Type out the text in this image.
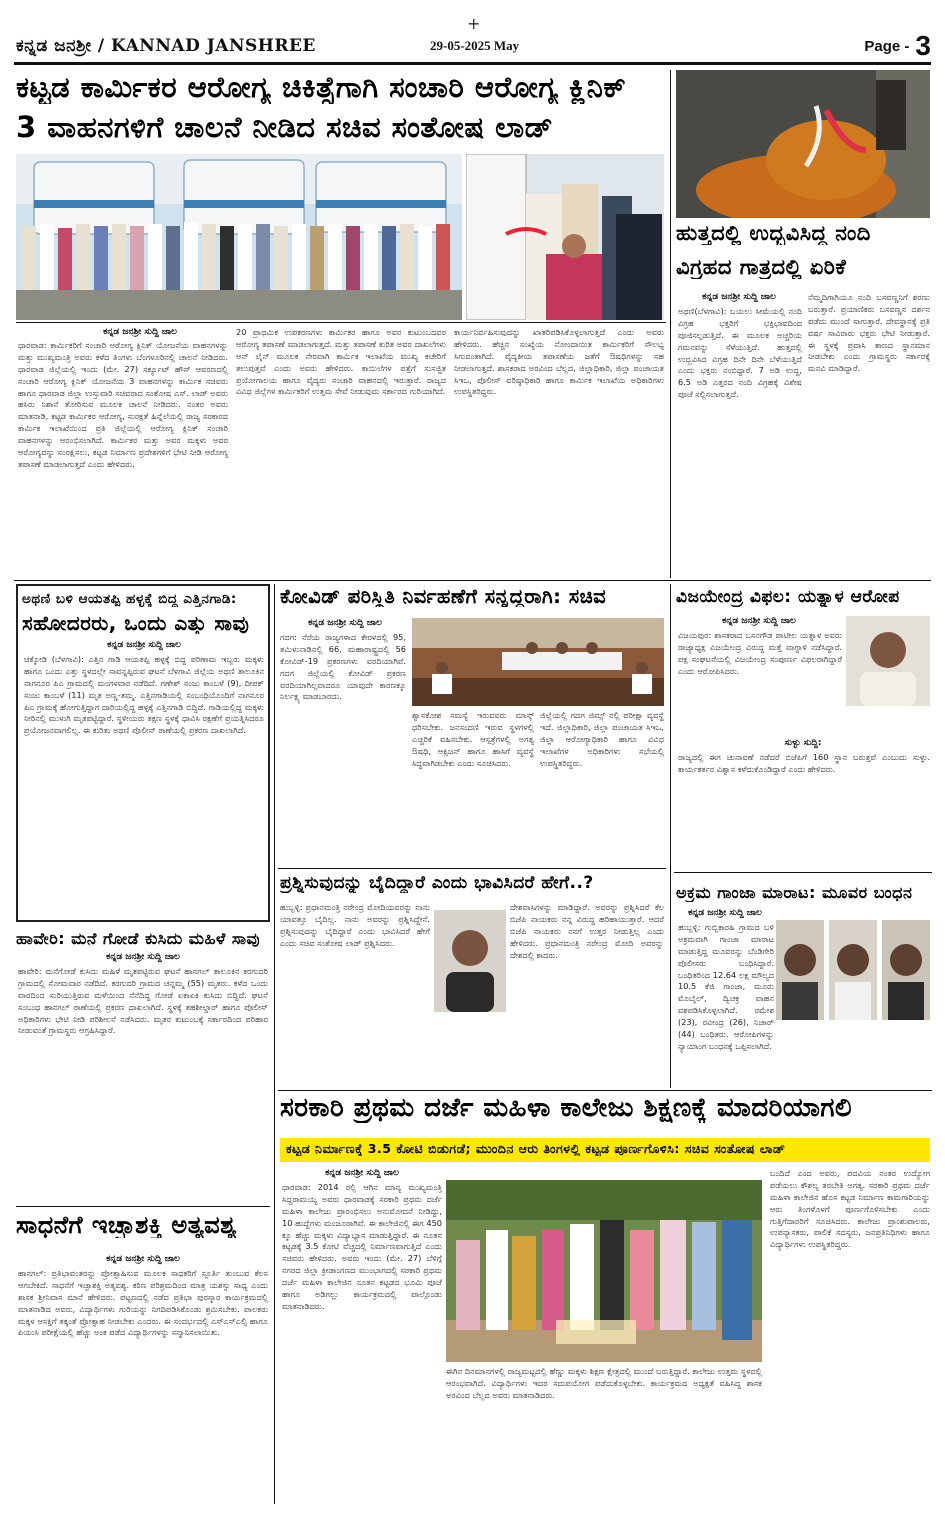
+
ಕನ್ನಡ ಜನಶ್ರೀ / KANNAD JANSHREE	29-05-2025 May	Page - 3
ಕಟ್ಟಡ ಕಾರ್ಮಿಕರ ಆರೋಗ್ಯ ಚಿಕಿತ್ಸೆಗಾಗಿ ಸಂಚಾರಿ ಆರೋಗ್ಯ ಕ್ಲಿನಿಕ್
3 ವಾಹನಗಳಿಗೆ ಚಾಲನೆ ನೀಡಿದ ಸಚಿವ ಸಂತೋಷ ಲಾಡ್
ಕನ್ನಡ ಜನಶ್ರೀ ಸುದ್ದಿ ಜಾಲ
ಧಾರವಾಡ: ಕಾರ್ಮಿಕರಿಗೆ ಸಂಚಾರಿ ಆರೋಗ್ಯ ಕ್ಲಿನಿಕ್ ಯೋಜನೆಯ ವಾಹನಗಳನ್ನು ಮತ್ತು ಮುಖ್ಯಮಂತ್ರಿ ಅವರು ಕಳೆದ ತಿಂಗಳು ಬೆಂಗಳೂರಿನಲ್ಲಿ ಚಾಲನೆ ನೀಡಿದರು. ಧಾರವಾಡ ಜಿಲ್ಲೆಯಲ್ಲಿ ಇಂದು (ಮೇ. 27) ಸರ್ಕ್ಯೂಟ್ ಹೌಸ್ ಆವರಣದಲ್ಲಿ ಸಂಚಾರಿ ಆರೋಗ್ಯ ಕ್ಲಿನಿಕ್ ಯೋಜನೆಯ 3 ವಾಹನಗಳನ್ನು ಕಾರ್ಮಿಕ ಸಚಿವರು ಹಾಗೂ ಧಾರವಾಡ ಜಿಲ್ಲಾ ಉಸ್ತುವಾರಿ ಸಚಿವರಾದ ಸಂತೋಷ ಎಸ್. ಲಾಡ್ ಅವರು ಹಸಿರು ನಿಶಾನೆ ತೋರಿಸುವ ಮೂಲಕ ಚಾಲನೆ ನೀಡಿದರು. ನಂತರ ಅವರು ಮಾತನಾಡಿ, ಕಟ್ಟಡ ಕಾರ್ಮಿಕರ ಆರೋಗ್ಯ, ಸುರಕ್ಷತೆ ಹಿನ್ನೆಲೆಯಲ್ಲಿ ರಾಜ್ಯ ಸರಕಾರದ ಕಾರ್ಮಿಕ ಇಲಾಖೆಯಿಂದ ಪ್ರತಿ ಜಿಲ್ಲೆಯಲ್ಲಿ ಆರೋಗ್ಯ ಕ್ಲಿನಿಕ್ ಸಂಚಾರಿ ವಾಹನಗಳನ್ನು ಆರಂಭಿಸಲಾಗಿದೆ. ಕಾರ್ಮಿಕರ ಮತ್ತು ಅವರ ಮಕ್ಕಳು ಅವರ ಆರೋಗ್ಯವನ್ನು ಸಂರಕ್ಷಿಸಲು, ಕಟ್ಟಡ ನಿರ್ಮಾಣ ಪ್ರದೇಶಗಳಿಗೆ ಭೇಟಿ ನೀಡಿ ಆರೋಗ್ಯ ತಪಾಸಣೆ ಮಾಡಲಾಗುತ್ತದೆ ಎಂದು ಹೇಳಿದರು.
20 ಪ್ರಾಥಮಿಕ ಉಪಕರಣಗಳು ಕಾರ್ಮಿಕರ ಹಾಗೂ ಅವರ ಕುಟುಂಬದವರ ಆರೋಗ್ಯ ತಪಾಸಣೆ ಮಾಡಲಾಗುತ್ತದೆ. ಮತ್ತು ತಪಾಸಣೆ ಕುರಿತ ಅವರ ದಾಖಲೆಗಳು ಆನ್ ಲೈನ್ ಮೂಲಕ ನೇರವಾಗಿ ಕಾರ್ಮಿಕ ಇಲಾಖೆಯ ಮುಖ್ಯ ಕಚೇರಿಗೆ ತಲುಪುತ್ತವೆ ಎಂದು ಅವರು ಹೇಳಿದರು. ಕಾಯಿಲೆಗಳ ಪತ್ತೆಗೆ ಸುಸಜ್ಜಿತ ಪ್ರಯೋಗಾಲಯ ಹಾಗೂ ವೈದ್ಯರು ಸಂಚಾರಿ ವಾಹನದಲ್ಲಿ ಇರುತ್ತಾರೆ. ರಾಜ್ಯದ ವಿವಿಧ ಜಿಲ್ಲೆಗಳ ಕಾರ್ಮಿಕರಿಗೆ ಉತ್ತಮ ಸೇವೆ ನೀಡುವುದು ಸರ್ಕಾರದ ಗುರಿಯಾಗಿದೆ.
ಕಾರ್ಯನಿರ್ವಹಿಸುವುದನ್ನು ಖಾತರಿಪಡಿಸಿಕೊಳ್ಳಲಾಗುತ್ತದೆ ಎಂದು ಅವರು ಹೇಳಿದರು. ಹೆಚ್ಚಿನ ಸಂಖ್ಯೆಯ ನೋಂದಾಯಿತ ಕಾರ್ಮಿಕರಿಗೆ ಸೌಲಭ್ಯ ಸಿಗುವಂತಾಗಿದೆ. ವೈದ್ಯಕೀಯ ತಪಾಸಣೆಯ ಜತೆಗೆ ಔಷಧಿಗಳನ್ನು ಸಹ ನೀಡಲಾಗುತ್ತದೆ. ಶಾಸಕರಾದ ಅರವಿಂದ ಬೆಲ್ಲದ, ಜಿಲ್ಲಾಧಿಕಾರಿ, ಜಿಲ್ಲಾ ಪಂಚಾಯತ ಸಿಇಒ, ಪೊಲೀಸ್ ವರಿಷ್ಠಾಧಿಕಾರಿ ಹಾಗೂ ಕಾರ್ಮಿಕ ಇಲಾಖೆಯ ಅಧಿಕಾರಿಗಳು ಉಪಸ್ಥಿತರಿದ್ದರು.
ಹುತ್ತದಲ್ಲಿ ಉದ್ಭವಿಸಿದ್ದ ನಂದಿ
ವಿಗ್ರಹದ ಗಾತ್ರದಲ್ಲಿ ಏರಿಕೆ
ಕನ್ನಡ ಜನಶ್ರೀ ಸುದ್ದಿ ಜಾಲ
ಅಥಣಿ(ಬೆಳಗಾವಿ): ಬಯಲು ಸೀಮೆಯಲ್ಲಿ ನಂದಿ ವಿಗ್ರಹ ಭಕ್ತರಿಗೆ ಭಕ್ತಿಭಾವದಿಂದ ಪೂಜಿಸಲ್ಪಡುತ್ತಿದೆ. ಈ ಮೂಲಕ ಅಚ್ಚರಿಯ ಗಮನವನ್ನು ಸೆಳೆಯುತ್ತಿದೆ. ಹುತ್ತದಲ್ಲಿ ಉದ್ಭವಿಸಿದ ವಿಗ್ರಹ ದಿನೇ ದಿನೇ ಬೆಳೆಯುತ್ತಿದೆ ಎಂದು ಭಕ್ತರು ನಂಬಿದ್ದಾರೆ. 7 ಅಡಿ ಉದ್ದ, 6.5 ಅಡಿ ಎತ್ತರದ ನಂದಿ ವಿಗ್ರಹಕ್ಕೆ ವಿಶೇಷ ಪೂಜೆ ಸಲ್ಲಿಸಲಾಗುತ್ತದೆ.
ನೆಮ್ಮದಿಗಾಗಿಯೂ ನಂದಿ ಬಸವಣ್ಣನಿಗೆ ಶರಣು ಬರುತ್ತಾರೆ. ಪ್ರಯಾಣಿಕರು ಬಸವಣ್ಣನ ದರ್ಶನ ಪಡೆದು ಮುಂದೆ ಸಾಗುತ್ತಾರೆ. ದೇವಸ್ಥಾನಕ್ಕೆ ಪ್ರತಿ ವರ್ಷ ಸಾವಿರಾರು ಭಕ್ತರು ಭೇಟಿ ನೀಡುತ್ತಾರೆ. ಈ ಸ್ಥಳಕ್ಕೆ ಪ್ರವಾಸಿ ತಾಣದ ಸ್ಥಾನಮಾನ ನೀಡಬೇಕು ಎಂದು ಗ್ರಾಮಸ್ಥರು ಸರ್ಕಾರಕ್ಕೆ ಮನವಿ ಮಾಡಿದ್ದಾರೆ.
ಅಥಣಿ ಬಳಿ ಆಯತಪ್ಪಿ ಹಳ್ಳಕ್ಕೆ ಬಿದ್ದ ಎತ್ತಿನಗಾಡಿ:
ಸಹೋದರರು, ಒಂದು ಎತ್ತು ಸಾವು
ಕನ್ನಡ ಜನಶ್ರೀ ಸುದ್ದಿ ಜಾಲ
ಚಿಕ್ಕೋಡಿ (ಬೆಳಗಾವಿ): ಎತ್ತಿನ ಗಾಡಿ ಆಯತಪ್ಪಿ ಹಳ್ಳಕ್ಕೆ ಬಿದ್ದ ಪರಿಣಾಮ ಇಬ್ಬರು ಮಕ್ಕಳು ಹಾಗೂ ಒಂದು ಎತ್ತು ಸ್ಥಳದಲ್ಲೇ ಸಾವನ್ನಪ್ಪಿರುವ ಘಟನೆ ಬೆಳಗಾವಿ ಜಿಲ್ಲೆಯ ಅಥಣಿ ತಾಲೂಕಿನ ನಾಗನೂರ ಪಿಎ ಗ್ರಾಮದಲ್ಲಿ ಮಂಗಳವಾರ ನಡೆದಿದೆ. ಗಣೇಶ್ ಸಂಜು ಕಾಂಬಳೆ (9), ದೀಪಕ್ ಸಂಜು ಕಾಂಬಳೆ (11) ಮೃತ ಅಣ್ಣ-ತಮ್ಮ. ಎತ್ತಿನಗಾಡಿಯಲ್ಲಿ ಸಂಬಂಧಿಯೊಂದಿಗೆ ನಾಗನೂರ ಪಿಎ ಗ್ರಾಮಕ್ಕೆ ಹೋಗುತ್ತಿದ್ದಾಗ ದಾರಿಯಲ್ಲಿದ್ದ ಹಳ್ಳಕ್ಕೆ ಎತ್ತಿನಗಾಡಿ ಬಿದ್ದಿದೆ. ಗಾಡಿಯಲ್ಲಿದ್ದ ಮಕ್ಕಳು ನೀರಿನಲ್ಲಿ ಮುಳುಗಿ ಮೃತಪಟ್ಟಿದ್ದಾರೆ. ಸ್ಥಳೀಯರು ತಕ್ಷಣ ಸ್ಥಳಕ್ಕೆ ಧಾವಿಸಿ ರಕ್ಷಣೆಗೆ ಪ್ರಯತ್ನಿಸಿದರೂ ಪ್ರಯೋಜನವಾಗಲಿಲ್ಲ. ಈ ಕುರಿತು ಅಥಣಿ ಪೊಲೀಸ್ ಠಾಣೆಯಲ್ಲಿ ಪ್ರಕರಣ ದಾಖಲಾಗಿದೆ.
ಹಾವೇರಿ: ಮನೆ ಗೋಡೆ ಕುಸಿದು ಮಹಿಳೆ ಸಾವು
ಕನ್ನಡ ಜನಶ್ರೀ ಸುದ್ದಿ ಜಾಲ
ಹಾವೇರಿ: ಮನೆಗೋಡೆ ಕುಸಿದು ಮಹಿಳೆ ಮೃತಪಟ್ಟಿರುವ ಘಟನೆ ಹಾನಗಲ್ ತಾಲೂಕಿನ ಕರಗುದರಿ ಗ್ರಾಮದಲ್ಲಿ ಸೋಮವಾರ ನಡೆದಿದೆ. ಕರಗುದರಿ ಗ್ರಾಮದ ಚನ್ನಮ್ಮ (55) ಮೃತರು. ಕಳೆದ ಒಂದು ವಾರದಿಂದ ಸುರಿಯುತ್ತಿರುವ ಮಳೆಯಿಂದ ನೆನೆದಿದ್ದ ಗೋಡೆ ಏಕಾಏಕಿ ಕುಸಿದು ಬಿದ್ದಿದೆ. ಘಟನೆ ಸಂಬಂಧ ಹಾನಗಲ್ ಠಾಣೆಯಲ್ಲಿ ಪ್ರಕರಣ ದಾಖಲಾಗಿದೆ. ಸ್ಥಳಕ್ಕೆ ತಹಶೀಲ್ದಾರ್ ಹಾಗೂ ಪೊಲೀಸ್ ಅಧಿಕಾರಿಗಳು ಭೇಟಿ ನೀಡಿ ಪರಿಶೀಲನೆ ನಡೆಸಿದರು. ಮೃತರ ಕುಟುಂಬಕ್ಕೆ ಸರ್ಕಾರದಿಂದ ಪರಿಹಾರ ನೀಡುವಂತೆ ಗ್ರಾಮಸ್ಥರು ಆಗ್ರಹಿಸಿದ್ದಾರೆ.
ಸಾಧನೆಗೆ ಇಚ್ಛಾಶಕ್ತಿ ಅತ್ಯವಶ್ಯ
ಕನ್ನಡ ಜನಶ್ರೀ ಸುದ್ದಿ ಜಾಲ
ಹಾನಗಲ್: ಪ್ರತಿಭಾವಂತರನ್ನು ಪ್ರೋತ್ಸಾಹಿಸುವ ಮೂಲಕ ಸಾಧಕರಿಗೆ ಸ್ಪೂರ್ತಿ ತುಂಬುವ ಕೆಲಸ ಆಗಬೇಕಿದೆ. ಸಾಧನೆಗೆ ಇಚ್ಛಾಶಕ್ತಿ ಅತ್ಯವಶ್ಯ. ಕಠಿಣ ಪರಿಶ್ರಮದಿಂದ ಮಾತ್ರ ಯಶಸ್ಸು ಸಾಧ್ಯ ಎಂದು ಶಾಸಕ ಶ್ರೀನಿವಾಸ ಮಾನೆ ಹೇಳಿದರು. ಪಟ್ಟಣದಲ್ಲಿ ನಡೆದ ಪ್ರತಿಭಾ ಪುರಸ್ಕಾರ ಕಾರ್ಯಕ್ರಮದಲ್ಲಿ ಮಾತನಾಡಿದ ಅವರು, ವಿದ್ಯಾರ್ಥಿಗಳು ಗುರಿಯನ್ನು ನಿಗದಿಪಡಿಸಿಕೊಂಡು ಶ್ರಮಿಸಬೇಕು. ಪಾಲಕರು ಮಕ್ಕಳ ಆಸಕ್ತಿಗೆ ತಕ್ಕಂತೆ ಪ್ರೋತ್ಸಾಹ ನೀಡಬೇಕು ಎಂದರು. ಈ ಸಂದರ್ಭದಲ್ಲಿ ಎಸ್ಎಸ್ಎಲ್ಸಿ ಹಾಗೂ ಪಿಯುಸಿ ಪರೀಕ್ಷೆಯಲ್ಲಿ ಹೆಚ್ಚು ಅಂಕ ಪಡೆದ ವಿದ್ಯಾರ್ಥಿಗಳನ್ನು ಸನ್ಮಾನಿಸಲಾಯಿತು.
ಕೋವಿಡ್ ಪರಿಸ್ಥಿತಿ ನಿರ್ವಹಣೆಗೆ ಸನ್ನದ್ಧರಾಗಿ: ಸಚಿವ
ಕನ್ನಡ ಜನಶ್ರೀ ಸುದ್ದಿ ಜಾಲ
ಗದಗ: ನೆರೆಯ ರಾಜ್ಯಗಳಾದ ಕೇರಳದಲ್ಲಿ 95, ತಮಿಳುನಾಡಿನಲ್ಲಿ 66, ಮಹಾರಾಷ್ಟ್ರದಲ್ಲಿ 56 ಕೋವಿಡ್-19 ಪ್ರಕರಣಗಳು ವರದಿಯಾಗಿವೆ. ಗದಗ ಜಿಲ್ಲೆಯಲ್ಲಿ ಕೋವಿಡ್ ಪ್ರಕರಣ ವರದಿಯಾಗಿಲ್ಲವಾದರೂ ಯಾವುದೇ ಕಾರಣಕ್ಕೂ ನಿರ್ಲಕ್ಷ್ಯ ಮಾಡಬಾರದು.
ಶ್ವಾಸಕೋಶ ಸಮಸ್ಯೆ ಇರುವವರು ಮಾಸ್ಕ್ ಧರಿಸಬೇಕು. ಜನಸಂದಣಿ ಇರುವ ಸ್ಥಳಗಳಲ್ಲಿ ಎಚ್ಚರಿಕೆ ವಹಿಸಬೇಕು. ಆಸ್ಪತ್ರೆಗಳಲ್ಲಿ ಅಗತ್ಯ ಔಷಧಿ, ಆಕ್ಸಿಜನ್ ಹಾಗೂ ಹಾಸಿಗೆ ವ್ಯವಸ್ಥೆ ಸಿದ್ಧವಾಗಿಡಬೇಕು ಎಂದು ಸೂಚಿಸಿದರು.
ಜಿಲ್ಲೆಯಲ್ಲಿ ಗದಗ ಜಿಮ್ಸ್ ನಲ್ಲಿ ಪರೀಕ್ಷಾ ವ್ಯವಸ್ಥೆ ಇದೆ. ಜಿಲ್ಲಾಧಿಕಾರಿ, ಜಿಲ್ಲಾ ಪಂಚಾಯತ ಸಿಇಒ, ಜಿಲ್ಲಾ ಆರೋಗ್ಯಾಧಿಕಾರಿ ಹಾಗೂ ವಿವಿಧ ಇಲಾಖೆಗಳ ಅಧಿಕಾರಿಗಳು ಸಭೆಯಲ್ಲಿ ಉಪಸ್ಥಿತರಿದ್ದರು.
ಪ್ರಶ್ನಿಸುವುದನ್ನು ಬೈದಿದ್ದಾರೆ ಎಂದು ಭಾವಿಸಿದರೆ ಹೇಗೆ..?
ಹುಬ್ಬಳ್ಳಿ: ಪ್ರಧಾನಮಂತ್ರಿ ನರೇಂದ್ರ ಮೋದಿಯವರನ್ನು ನಾನು ಯಾವತ್ತೂ ಬೈದಿಲ್ಲ. ನಾನು ಅವರನ್ನು ಪ್ರಶ್ನಿಸಿದ್ದೇನೆ. ಪ್ರಶ್ನಿಸುವುದನ್ನು ಬೈದಿದ್ದಾರೆ ಎಂದು ಭಾವಿಸಿದರೆ ಹೇಗೆ ಎಂದು ಸಚಿವ ಸಂತೋಷ ಲಾಡ್ ಪ್ರಶ್ನಿಸಿದರು.
ದೇಶವಾಸಿಗಳನ್ನು ಮಾಡಿದ್ದಾರೆ. ಅವರನ್ನು ಪ್ರಶ್ನಿಸಿದರೆ ಕೆಲ ಬಿಜೆಪಿ ನಾಯಕರು ನನ್ನ ವಿರುದ್ಧ ಹರಿಹಾಯುತ್ತಾರೆ. ಆದರೆ ಬಿಜೆಪಿ ನಾಯಕರು ನನಗೆ ಉತ್ತರ ನೀಡುತ್ತಿಲ್ಲ ಎಂದು ಹೇಳಿದರು. ಪ್ರಧಾನಮಂತ್ರಿ ನರೇಂದ್ರ ಮೋದಿ ಅವರನ್ನು ದೇಶದಲ್ಲಿ ಕಾದರು.
ವಿಜಯೇಂದ್ರ ವಿಫಲ: ಯತ್ನಾಳ ಆರೋಪ
ಕನ್ನಡ ಜನಶ್ರೀ ಸುದ್ದಿ ಜಾಲ
ವಿಜಯಪುರ: ಶಾಸಕರಾದ ಬಸನಗೌಡ ಪಾಟೀಲ ಯತ್ನಾಳ ಅವರು ರಾಜ್ಯಾಧ್ಯಕ್ಷ ವಿಜಯೇಂದ್ರ ವಿರುದ್ಧ ಮತ್ತೆ ವಾಗ್ದಾಳಿ ನಡೆಸಿದ್ದಾರೆ. ಪಕ್ಷ ಸಂಘಟನೆಯಲ್ಲಿ ವಿಜಯೇಂದ್ರ ಸಂಪೂರ್ಣ ವಿಫಲರಾಗಿದ್ದಾರೆ ಎಂದು ಆರೋಪಿಸಿದರು.
ಸುಳ್ಳು ಸುದ್ದಿ:
ರಾಜ್ಯದಲ್ಲಿ ಈಗ ಚುನಾವಣೆ ನಡೆದರೆ ಬಿಜೆಪಿಗೆ 160 ಸ್ಥಾನ ಬರುತ್ತವೆ ಎಂಬುದು ಸುಳ್ಳು. ಕಾರ್ಯಕರ್ತರ ವಿಶ್ವಾಸ ಕಳೆದುಕೊಂಡಿದ್ದಾರೆ ಎಂದು ಹೇಳಿದರು.
ಅಕ್ರಮ ಗಾಂಜಾ ಮಾರಾಟ: ಮೂವರ ಬಂಧನ
ಕನ್ನಡ ಜನಶ್ರೀ ಸುದ್ದಿ ಜಾಲ
ಹುಬ್ಬಳ್ಳಿ: ಗುಬ್ಬಿಕಾರಹಿ ಗ್ರಾಮದ ಬಳಿ ಅಕ್ರಮವಾಗಿ ಗಾಂಜಾ ಮಾರಾಟ ಮಾಡುತ್ತಿದ್ದ ಮೂವರನ್ನು ಬೆಂಡಿಗೇರಿ ಪೊಲೀಸರು ಬಂಧಿಸಿದ್ದಾರೆ. ಬಂಧಿತರಿಂದ 12.64 ಲಕ್ಷ ಮೌಲ್ಯದ 10.5 ಕೆಜಿ ಗಾಂಜಾ, ಮೂರು ಮೊಬೈಲ್, ದ್ವಿಚಕ್ರ ವಾಹನ ವಶಪಡಿಸಿಕೊಳ್ಳಲಾಗಿದೆ. ರಮೇಶ (23), ರವೀಂದ್ರ (26), ನಿಜಾರ್ (44) ಬಂಧಿತರು. ಆರೋಪಿಗಳನ್ನು ನ್ಯಾಯಾಂಗ ಬಂಧನಕ್ಕೆ ಒಪ್ಪಿಸಲಾಗಿದೆ.
ಸರಕಾರಿ ಪ್ರಥಮ ದರ್ಜೆ ಮಹಿಳಾ ಕಾಲೇಜು ಶಿಕ್ಷಣಕ್ಕೆ ಮಾದರಿಯಾಗಲಿ
ಕಟ್ಟಡ ನಿರ್ಮಾಣಕ್ಕೆ 3.5 ಕೋಟಿ ಬಿಡುಗಡೆ; ಮುಂದಿನ ಆರು ತಿಂಗಳಲ್ಲಿ ಕಟ್ಟಡ ಪೂರ್ಣಗೊಳಿಸಿ: ಸಚಿವ ಸಂತೋಷ ಲಾಡ್
ಕನ್ನಡ ಜನಶ್ರೀ ಸುದ್ದಿ ಜಾಲ
ಧಾರವಾಡ: 2014 ರಲ್ಲಿ ಆಗಿನ ಮಾನ್ಯ ಮುಖ್ಯಮಂತ್ರಿ ಸಿದ್ದರಾಮಯ್ಯ ಅವರು ಧಾರವಾಡಕ್ಕೆ ಸರಕಾರಿ ಪ್ರಥಮ ದರ್ಜೆ ಮಹಿಳಾ ಕಾಲೇಜು ಪ್ರಾರಂಭಿಸಲು ಅನುಮೋದನೆ ನೀಡಿದ್ದು, 10 ಹುದ್ದೆಗಳು ಮಂಜೂರಾಗಿವೆ. ಈ ಕಾಲೇಜಿನಲ್ಲಿ ಈಗ 450 ಕ್ಕೂ ಹೆಚ್ಚು ಮಕ್ಕಳು ವಿದ್ಯಾಭ್ಯಾಸ ಮಾಡುತ್ತಿದ್ದಾರೆ. ಈ ನೂತನ ಕಟ್ಟಡಕ್ಕೆ 3.5 ಕೋಟಿ ವೆಚ್ಚದಲ್ಲಿ ನಿರ್ಮಾಣವಾಗುತ್ತಿದೆ ಎಂದು ಸಚಿವರು ಹೇಳಿದರು. ಅವರು ಇಂದು (ಮೇ. 27) ಬೆಳಿಗ್ಗೆ ನಗರದ ಜಿಲ್ಲಾ ಕ್ರೀಡಾಂಗಣದ ಮುಂಭಾಗದಲ್ಲಿ ಸರಕಾರಿ ಪ್ರಥಮ ದರ್ಜೆ ಮಹಿಳಾ ಕಾಲೇಜಿನ ನೂತನ ಕಟ್ಟಡದ ಭೂಮಿ ಪೂಜೆ ಹಾಗೂ ಅಡಿಗಲ್ಲು ಕಾರ್ಯಕ್ರಮದಲ್ಲಿ ಪಾಲ್ಗೊಂಡು ಮಾತನಾಡಿದರು.
ಈಗಿನ ದಿನಮಾನಗಳಲ್ಲಿ ರಾಜ್ಯಮಟ್ಟದಲ್ಲಿ ಹೆಣ್ಣು ಮಕ್ಕಳು ಶಿಕ್ಷಣ ಕ್ಷೇತ್ರದಲ್ಲಿ ಮುಂದೆ ಬರುತ್ತಿದ್ದಾರೆ. ಕಾಲೇಜು ಉತ್ತಮ ಸ್ಥಳದಲ್ಲಿ ಆರಂಭವಾಗಿದೆ. ವಿದ್ಯಾರ್ಥಿಗಳು ಇದರ ಸದುಪಯೋಗ ಪಡೆದುಕೊಳ್ಳಬೇಕು. ಕಾರ್ಯಕ್ರಮದ ಅಧ್ಯಕ್ಷತೆ ವಹಿಸಿದ್ದ ಶಾಸಕ ಅರವಿಂದ ಬೆಲ್ಲದ ಅವರು ಮಾತನಾಡಿದರು.
ಬಂದಿದೆ ಎಂದ ಅವರು, ಪದವಿಯ ನಂತರ ಉದ್ಯೋಗ ಪಡೆಯಲು ಕೌಶಲ್ಯ ತರಬೇತಿ ಅಗತ್ಯ. ಸರಕಾರಿ ಪ್ರಥಮ ದರ್ಜೆ ಮಹಿಳಾ ಕಾಲೇಜಿನ ಹೊಸ ಕಟ್ಟಡ ನಿರ್ಮಾಣ ಕಾಮಗಾರಿಯನ್ನು ಆರು ತಿಂಗಳೊಳಗೆ ಪೂರ್ಣಗೊಳಿಸಬೇಕು ಎಂದು ಗುತ್ತಿಗೆದಾರರಿಗೆ ಸೂಚಿಸಿದರು. ಕಾಲೇಜು ಪ್ರಾಂಶುಪಾಲರು, ಉಪನ್ಯಾಸಕರು, ಪಾಲಿಕೆ ಸದಸ್ಯರು, ಜನಪ್ರತಿನಿಧಿಗಳು ಹಾಗೂ ವಿದ್ಯಾರ್ಥಿಗಳು ಉಪಸ್ಥಿತರಿದ್ದರು.
